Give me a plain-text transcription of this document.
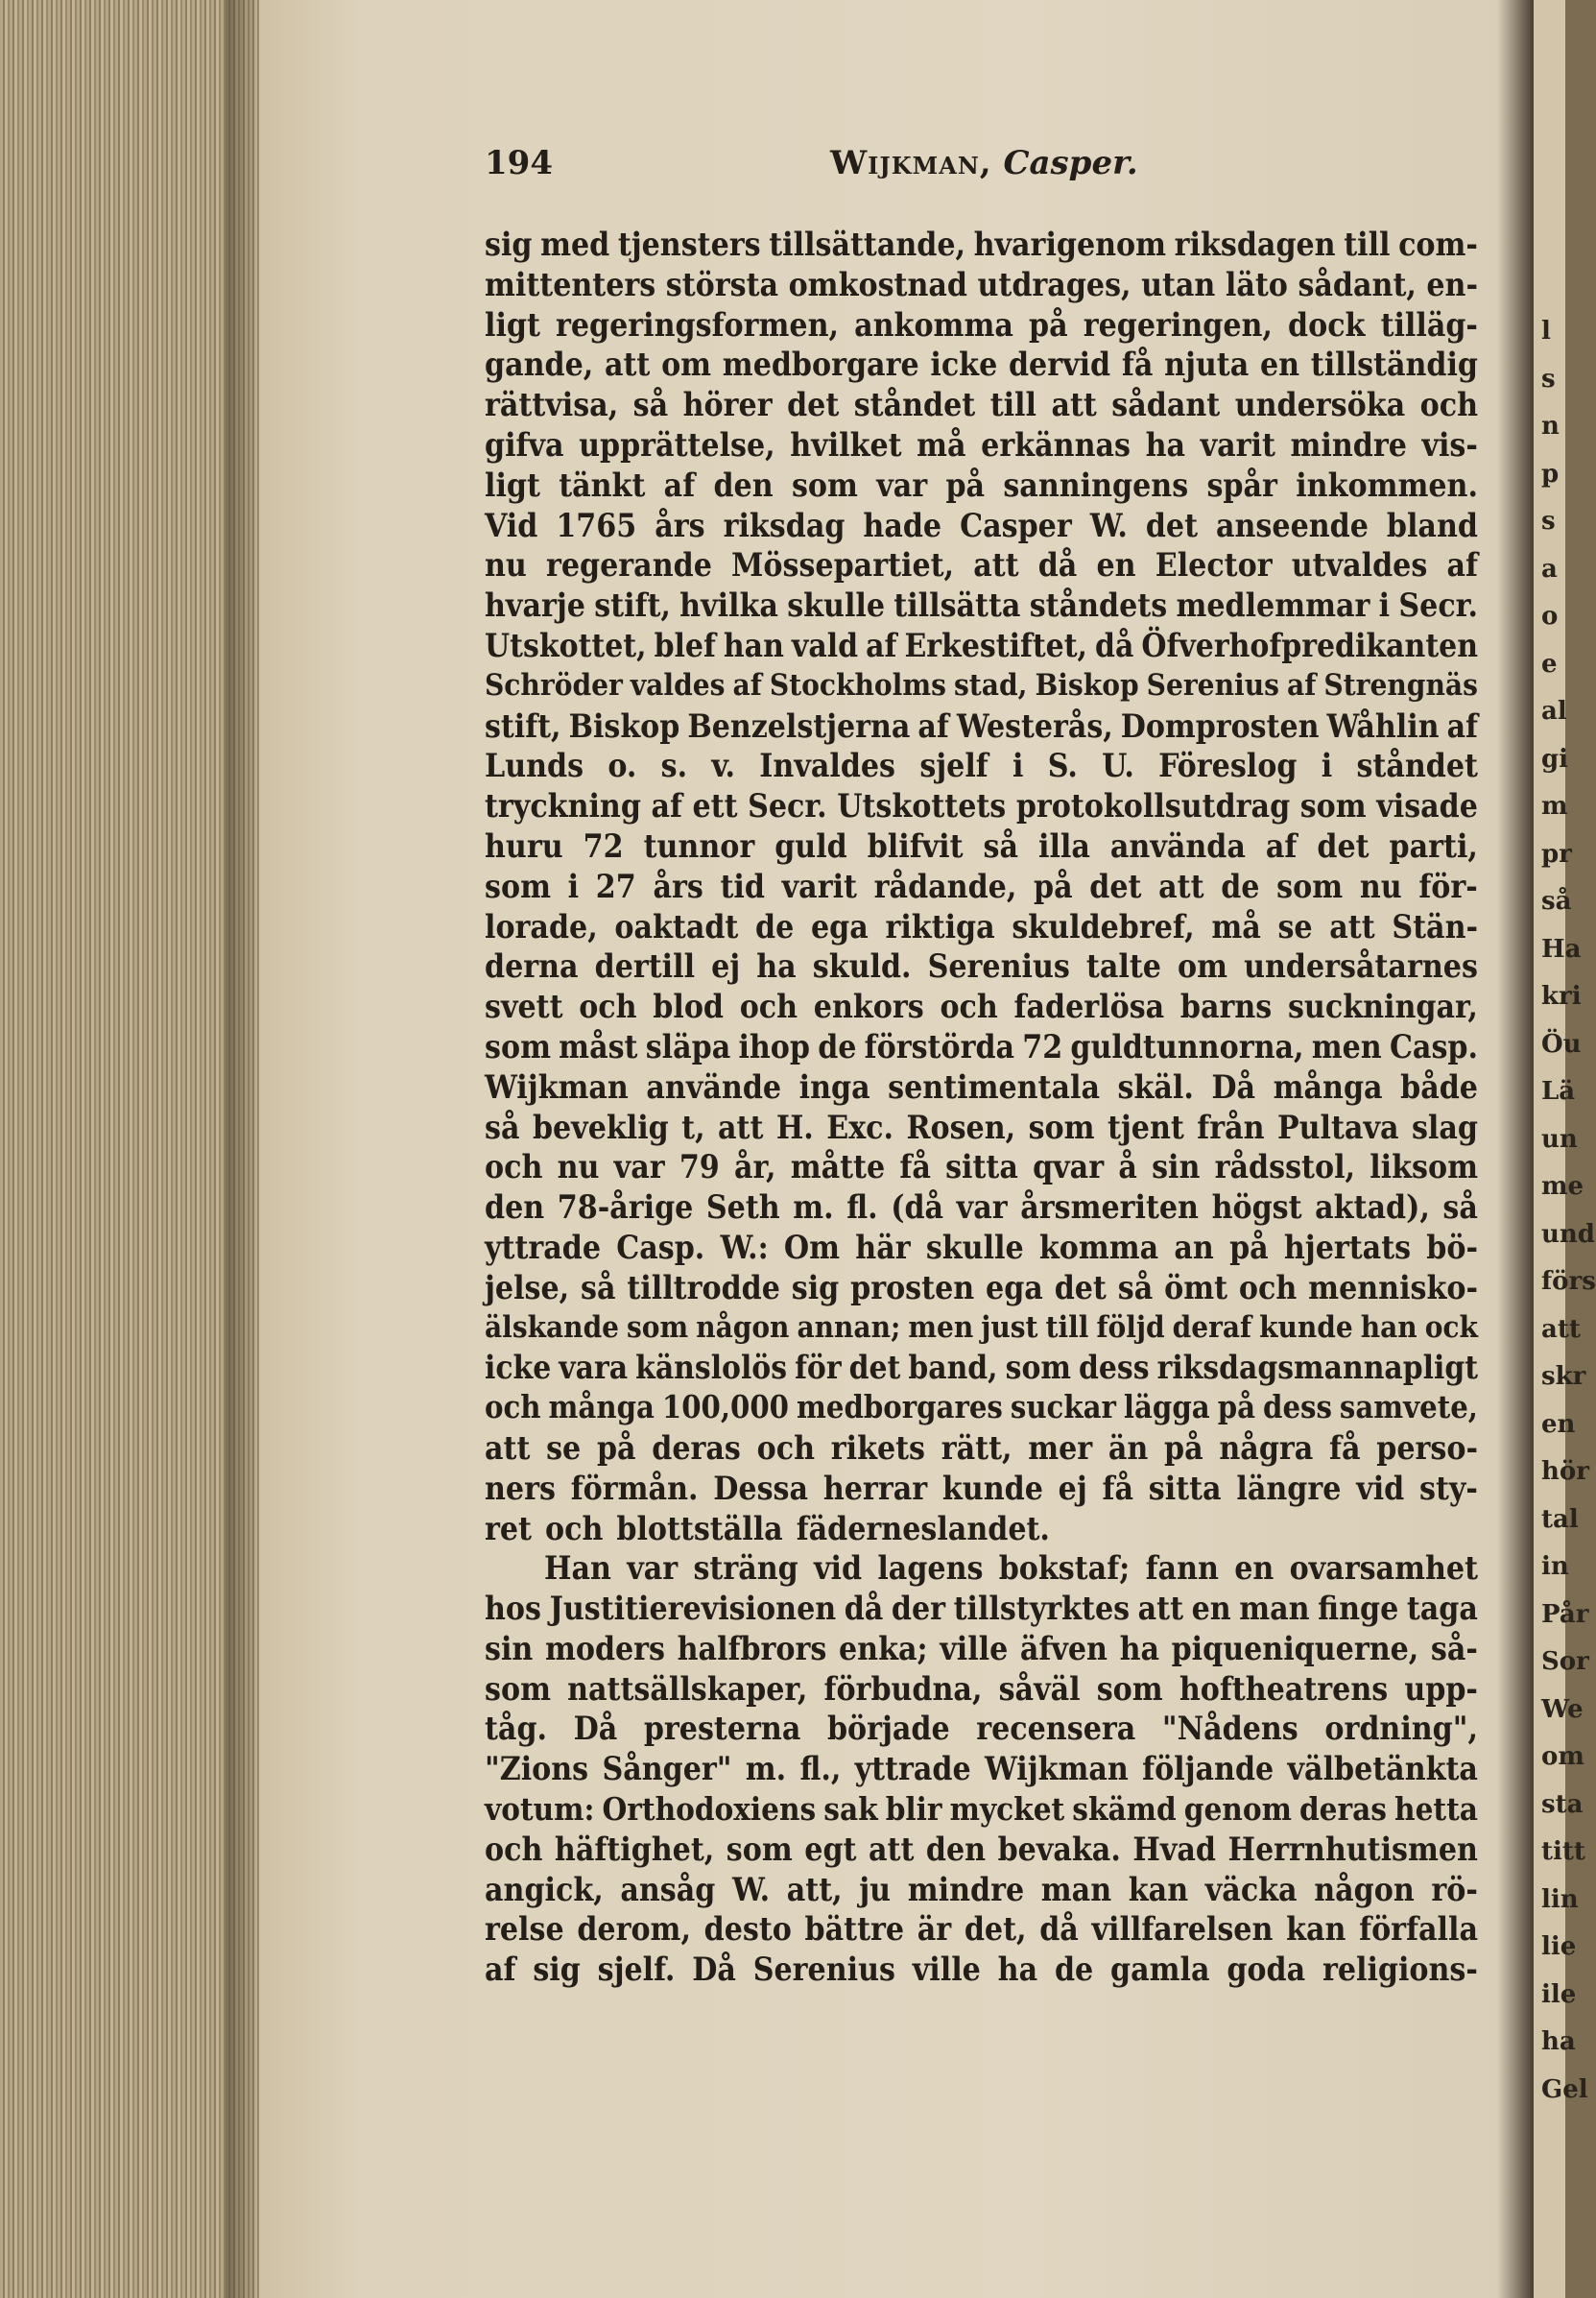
l
s
n
p
s
a
o
e
al
gi
m
pr
så
Ha
kri
Öu
Lä
un
me
und
förs
att
skr
en
hör
tal
in
Pår
Sor
We
om
sta
titt
lin
lie
ile
ha
Gel
194	Wijkman, Casper.
sig med tjensters tillsättande, hvarigenom riksdagen till com-
mittenters största omkostnad utdrages, utan läto sådant, en-
ligt regeringsformen, ankomma på regeringen, dock tilläg-
gande, att om medborgare icke dervid få njuta en tillständig
rättvisa, så hörer det ståndet till att sådant undersöka och
gifva upprättelse, hvilket må erkännas ha varit mindre vis-
ligt tänkt af den som var på sanningens spår inkommen.
Vid 1765 års riksdag hade Casper W. det anseende bland
nu regerande Mössepartiet, att då en Elector utvaldes af
hvarje stift, hvilka skulle tillsätta ståndets medlemmar i Secr.
Utskottet, blef han vald af Erkestiftet, då Öfverhofpredikanten
Schröder valdes af Stockholms stad, Biskop Serenius af Strengnäs
stift, Biskop Benzelstjerna af Westerås, Domprosten Wåhlin af
Lunds o. s. v. Invaldes sjelf i S. U. Föreslog i ståndet
tryckning af ett Secr. Utskottets protokollsutdrag som visade
huru 72 tunnor guld blifvit så illa använda af det parti,
som i 27 års tid varit rådande, på det att de som nu för-
lorade, oaktadt de ega riktiga skuldebref, må se att Stän-
derna dertill ej ha skuld. Serenius talte om undersåtarnes
svett och blod och enkors och faderlösa barns suckningar,
som måst släpa ihop de förstörda 72 guldtunnorna, men Casp.
Wijkman använde inga sentimentala skäl. Då många både
så beveklig t, att H. Exc. Rosen, som tjent från Pultava slag
och nu var 79 år, måtte få sitta qvar å sin rådsstol, liksom
den 78-årige Seth m. fl. (då var årsmeriten högst aktad), så
yttrade Casp. W.: Om här skulle komma an på hjertats bö-
jelse, så tilltrodde sig prosten ega det så ömt och menniskо-
älskande som någon annan; men just till följd deraf kunde han ock
icke vara känslolös för det band, som dess riksdagsmannapligt
och många 100,000 medborgares suckar lägga på dess samvete,
att se på deras och rikets rätt, mer än på några få perso-
ners förmån. Dessa herrar kunde ej få sitta längre vid sty-
ret och blottställa fäderneslandet.
Han var sträng vid lagens bokstaf; fann en ovarsamhet
hos Justitierevisionen då der tillstyrktes att en man finge taga
sin moders halfbrors enka; ville äfven ha piqueniquerne, så-
som nattsällskaper, förbudna, såväl som hoftheatrens upp-
tåg. Då presterna började recensera "Nådens ordning",
"Zions Sånger" m. fl., yttrade Wijkman följande välbetänkta
votum: Orthodoxiens sak blir mycket skämd genom deras hetta
och häftighet, som egt att den bevaka. Hvad Herrnhutismen
angick, ansåg W. att, ju mindre man kan väcka någon rö-
relse derom, desto bättre är det, då villfarelsen kan förfalla
af sig sjelf. Då Serenius ville ha de gamla goda religions-
